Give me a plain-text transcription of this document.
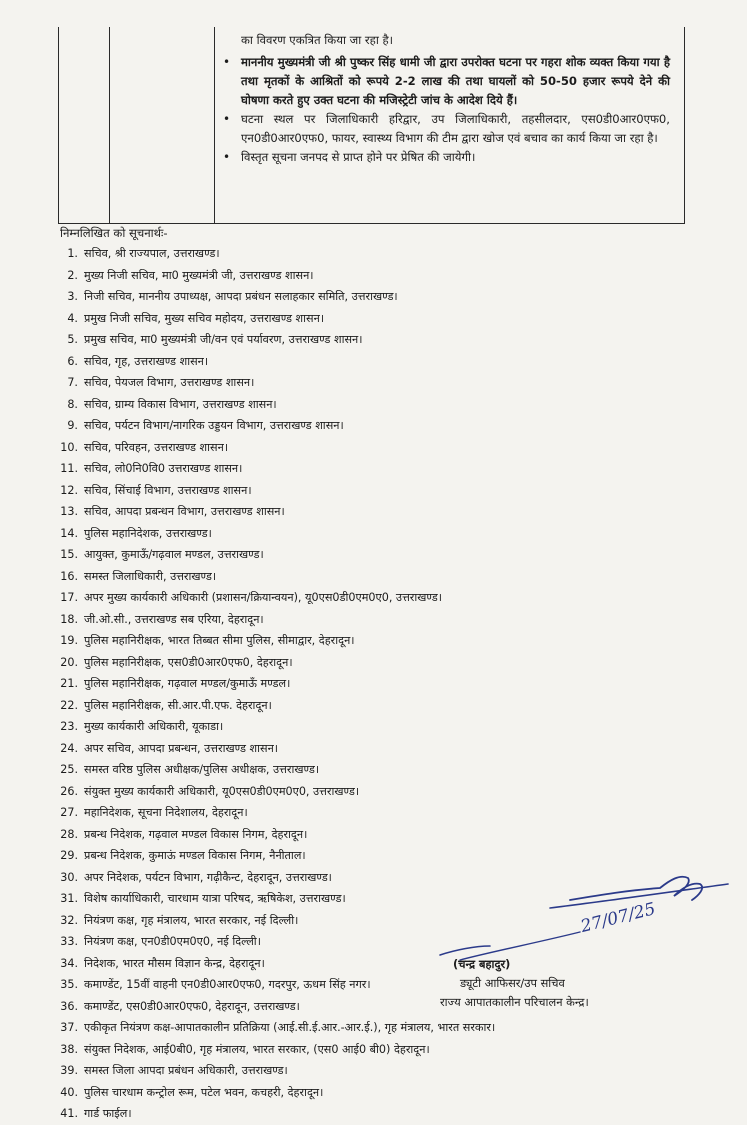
का विवरण एकत्रित किया जा रहा है।

• माननीय मुख्यमंत्री जी श्री पुष्कर सिंह धामी जी द्वारा उपरोक्त घटना पर गहरा शोक व्यक्त किया गया है तथा मृतकों के आश्रितों को रूपये 2-2 लाख की तथा घायलों को 50-50 हजार रूपये देने की घोषणा करते हुए उक्त घटना की मजिस्ट्रेटी जांच के आदेश दिये हैं।
• घटना स्थल पर जिलाधिकारी हरिद्वार, उप जिलाधिकारी, तहसीलदार, एस0डी0आर0एफ0, एन0डी0आर0एफ0, फायर, स्वास्थ्य विभाग की टीम द्वारा खोज एवं बचाव का कार्य किया जा रहा है।
• विस्तृत सूचना जनपद से प्राप्त होने पर प्रेषित की जायेगी।
निम्नलिखित को सूचनार्थः-
1. सचिव, श्री राज्यपाल, उत्तराखण्ड।
2. मुख्य निजी सचिव, मा0 मुख्यमंत्री जी, उत्तराखण्ड शासन।
3. निजी सचिव, माननीय उपाध्यक्ष, आपदा प्रबंधन सलाहकार समिति, उत्तराखण्ड।
4. प्रमुख निजी सचिव, मुख्य सचिव महोदय, उत्तराखण्ड शासन।
5. प्रमुख सचिव, मा0 मुख्यमंत्री जी/वन एवं पर्यावरण, उत्तराखण्ड शासन।
6. सचिव, गृह, उत्तराखण्ड शासन।
7. सचिव, पेयजल विभाग, उत्तराखण्ड शासन।
8. सचिव, ग्राम्य विकास विभाग, उत्तराखण्ड शासन।
9. सचिव, पर्यटन विभाग/नागरिक उड्डयन विभाग, उत्तराखण्ड शासन।
10. सचिव, परिवहन, उत्तराखण्ड शासन।
11. सचिव, लो0नि0वि0 उत्तराखण्ड शासन।
12. सचिव, सिंचाई विभाग, उत्तराखण्ड शासन।
13. सचिव, आपदा प्रबन्धन विभाग, उत्तराखण्ड शासन।
14. पुलिस महानिदेशक, उत्तराखण्ड।
15. आयुक्त, कुमाऊँ/गढ़वाल मण्डल, उत्तराखण्ड।
16. समस्त जिलाधिकारी, उत्तराखण्ड।
17. अपर मुख्य कार्यकारी अधिकारी (प्रशासन/क्रियान्वयन), यू0एस0डी0एम0ए0, उत्तराखण्ड।
18. जी.ओ.सी., उत्तराखण्ड सब एरिया, देहरादून।
19. पुलिस महानिरीक्षक, भारत तिब्बत सीमा पुलिस, सीमाद्वार, देहरादून।
20. पुलिस महानिरीक्षक, एस0डी0आर0एफ0, देहरादून।
21. पुलिस महानिरीक्षक, गढ़वाल मण्डल/कुमाऊँ मण्डल।
22. पुलिस महानिरीक्षक, सी.आर.पी.एफ. देहरादून।
23. मुख्य कार्यकारी अधिकारी, यूकाडा।
24. अपर सचिव, आपदा प्रबन्धन, उत्तराखण्ड शासन।
25. समस्त वरिष्ठ पुलिस अधीक्षक/पुलिस अधीक्षक, उत्तराखण्ड।
26. संयुक्त मुख्य कार्यकारी अधिकारी, यू0एस0डी0एम0ए0, उत्तराखण्ड।
27. महानिदेशक, सूचना निदेशालय, देहरादून।
28. प्रबन्ध निदेशक, गढ़वाल मण्डल विकास निगम, देहरादून।
29. प्रबन्ध निदेशक, कुमाऊं मण्डल विकास निगम, नैनीताल।
30. अपर निदेशक, पर्यटन विभाग, गढ़ीकैन्ट, देहरादून, उत्तराखण्ड।
31. विशेष कार्याधिकारी, चारधाम यात्रा परिषद, ऋषिकेश, उत्तराखण्ड।
32. नियंत्रण कक्ष, गृह मंत्रालय, भारत सरकार, नई दिल्ली।
33. नियंत्रण कक्ष, एन0डी0एम0ए0, नई दिल्ली।
34. निदेशक, भारत मौसम विज्ञान केन्द्र, देहरादून।
35. कमाण्डेंट, 15वीं वाहनी एन0डी0आर0एफ0, गदरपुर, ऊधम सिंह नगर।
36. कमाण्डेंट, एस0डी0आर0एफ0, देहरादून, उत्तराखण्ड।
37. एकीकृत नियंत्रण कक्ष-आपातकालीन प्रतिक्रिया (आई.सी.ई.आर.-आर.ई.), गृह मंत्रालय, भारत सरकार।
38. संयुक्त निदेशक, आई0बी0, गृह मंत्रालय, भारत सरकार, (एस0 आई0 बी0) देहरादून।
39. समस्त जिला आपदा प्रबंधन अधिकारी, उत्तराखण्ड।
40. पुलिस चारधाम कन्ट्रोल रूम, पटेल भवन, कचहरी, देहरादून।
41. गार्ड फाईल।
27/07/25
(चन्द्र बहादुर)
ड्यूटी आफिसर/उप सचिव
राज्य आपातकालीन परिचालन केन्द्र।
